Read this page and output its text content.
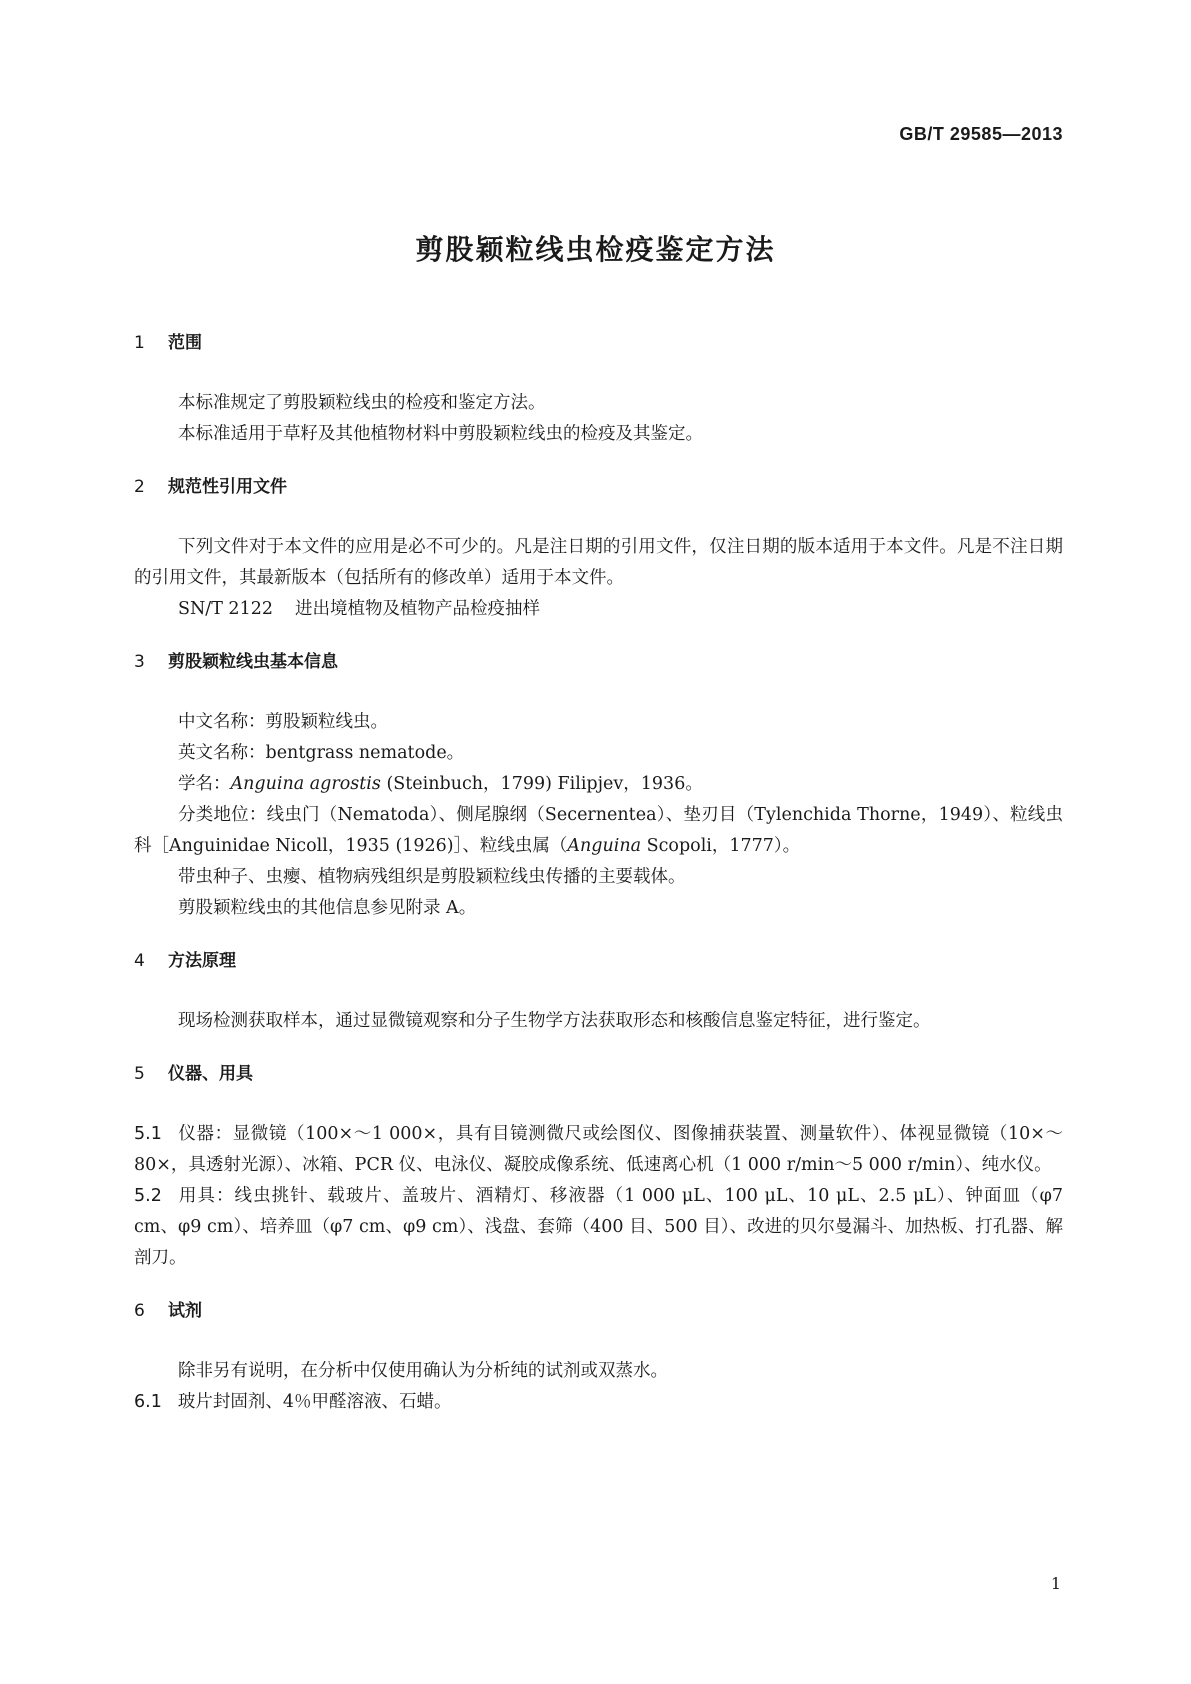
GB/T 29585—2013
剪股颖粒线虫检疫鉴定方法
1 范围

本标准规定了剪股颖粒线虫的检疫和鉴定方法。

本标准适用于草籽及其他植物材料中剪股颖粒线虫的检疫及其鉴定。

2 规范性引用文件

下列文件对于本文件的应用是必不可少的。凡是注日期的引用文件，仅注日期的版本适用于本文件。凡是不注日期的引用文件，其最新版本（包括所有的修改单）适用于本文件。

SN/T 2122 进出境植物及植物产品检疫抽样

3 剪股颖粒线虫基本信息

中文名称：剪股颖粒线虫。

英文名称：bentgrass nematode。

学名：Anguina agrostis (Steinbuch，1799) Filipjev，1936。

分类地位：线虫门（Nematoda）、侧尾腺纲（Secernentea）、垫刃目（Tylenchida Thorne，1949）、粒线虫科［Anguinidae Nicoll，1935 (1926)］、粒线虫属（Anguina Scopoli，1777）。

带虫种子、虫瘿、植物病残组织是剪股颖粒线虫传播的主要载体。

剪股颖粒线虫的其他信息参见附录 A。

4 方法原理

现场检测获取样本，通过显微镜观察和分子生物学方法获取形态和核酸信息鉴定特征，进行鉴定。

5 仪器、用具

5.1 仪器：显微镜（100×～1 000×，具有目镜测微尺或绘图仪、图像捕获装置、测量软件）、体视显微镜（10×～80×，具透射光源）、冰箱、PCR 仪、电泳仪、凝胶成像系统、低速离心机（1 000 r/min～5 000 r/min）、纯水仪。

5.2 用具：线虫挑针、载玻片、盖玻片、酒精灯、移液器（1 000 μL、100 μL、10 μL、2.5 μL）、钟面皿（φ7 cm、φ9 cm）、培养皿（φ7 cm、φ9 cm）、浅盘、套筛（400 目、500 目）、改进的贝尔曼漏斗、加热板、打孔器、解剖刀。

6 试剂

除非另有说明，在分析中仅使用确认为分析纯的试剂或双蒸水。

6.1 玻片封固剂、4％甲醛溶液、石蜡。

1
